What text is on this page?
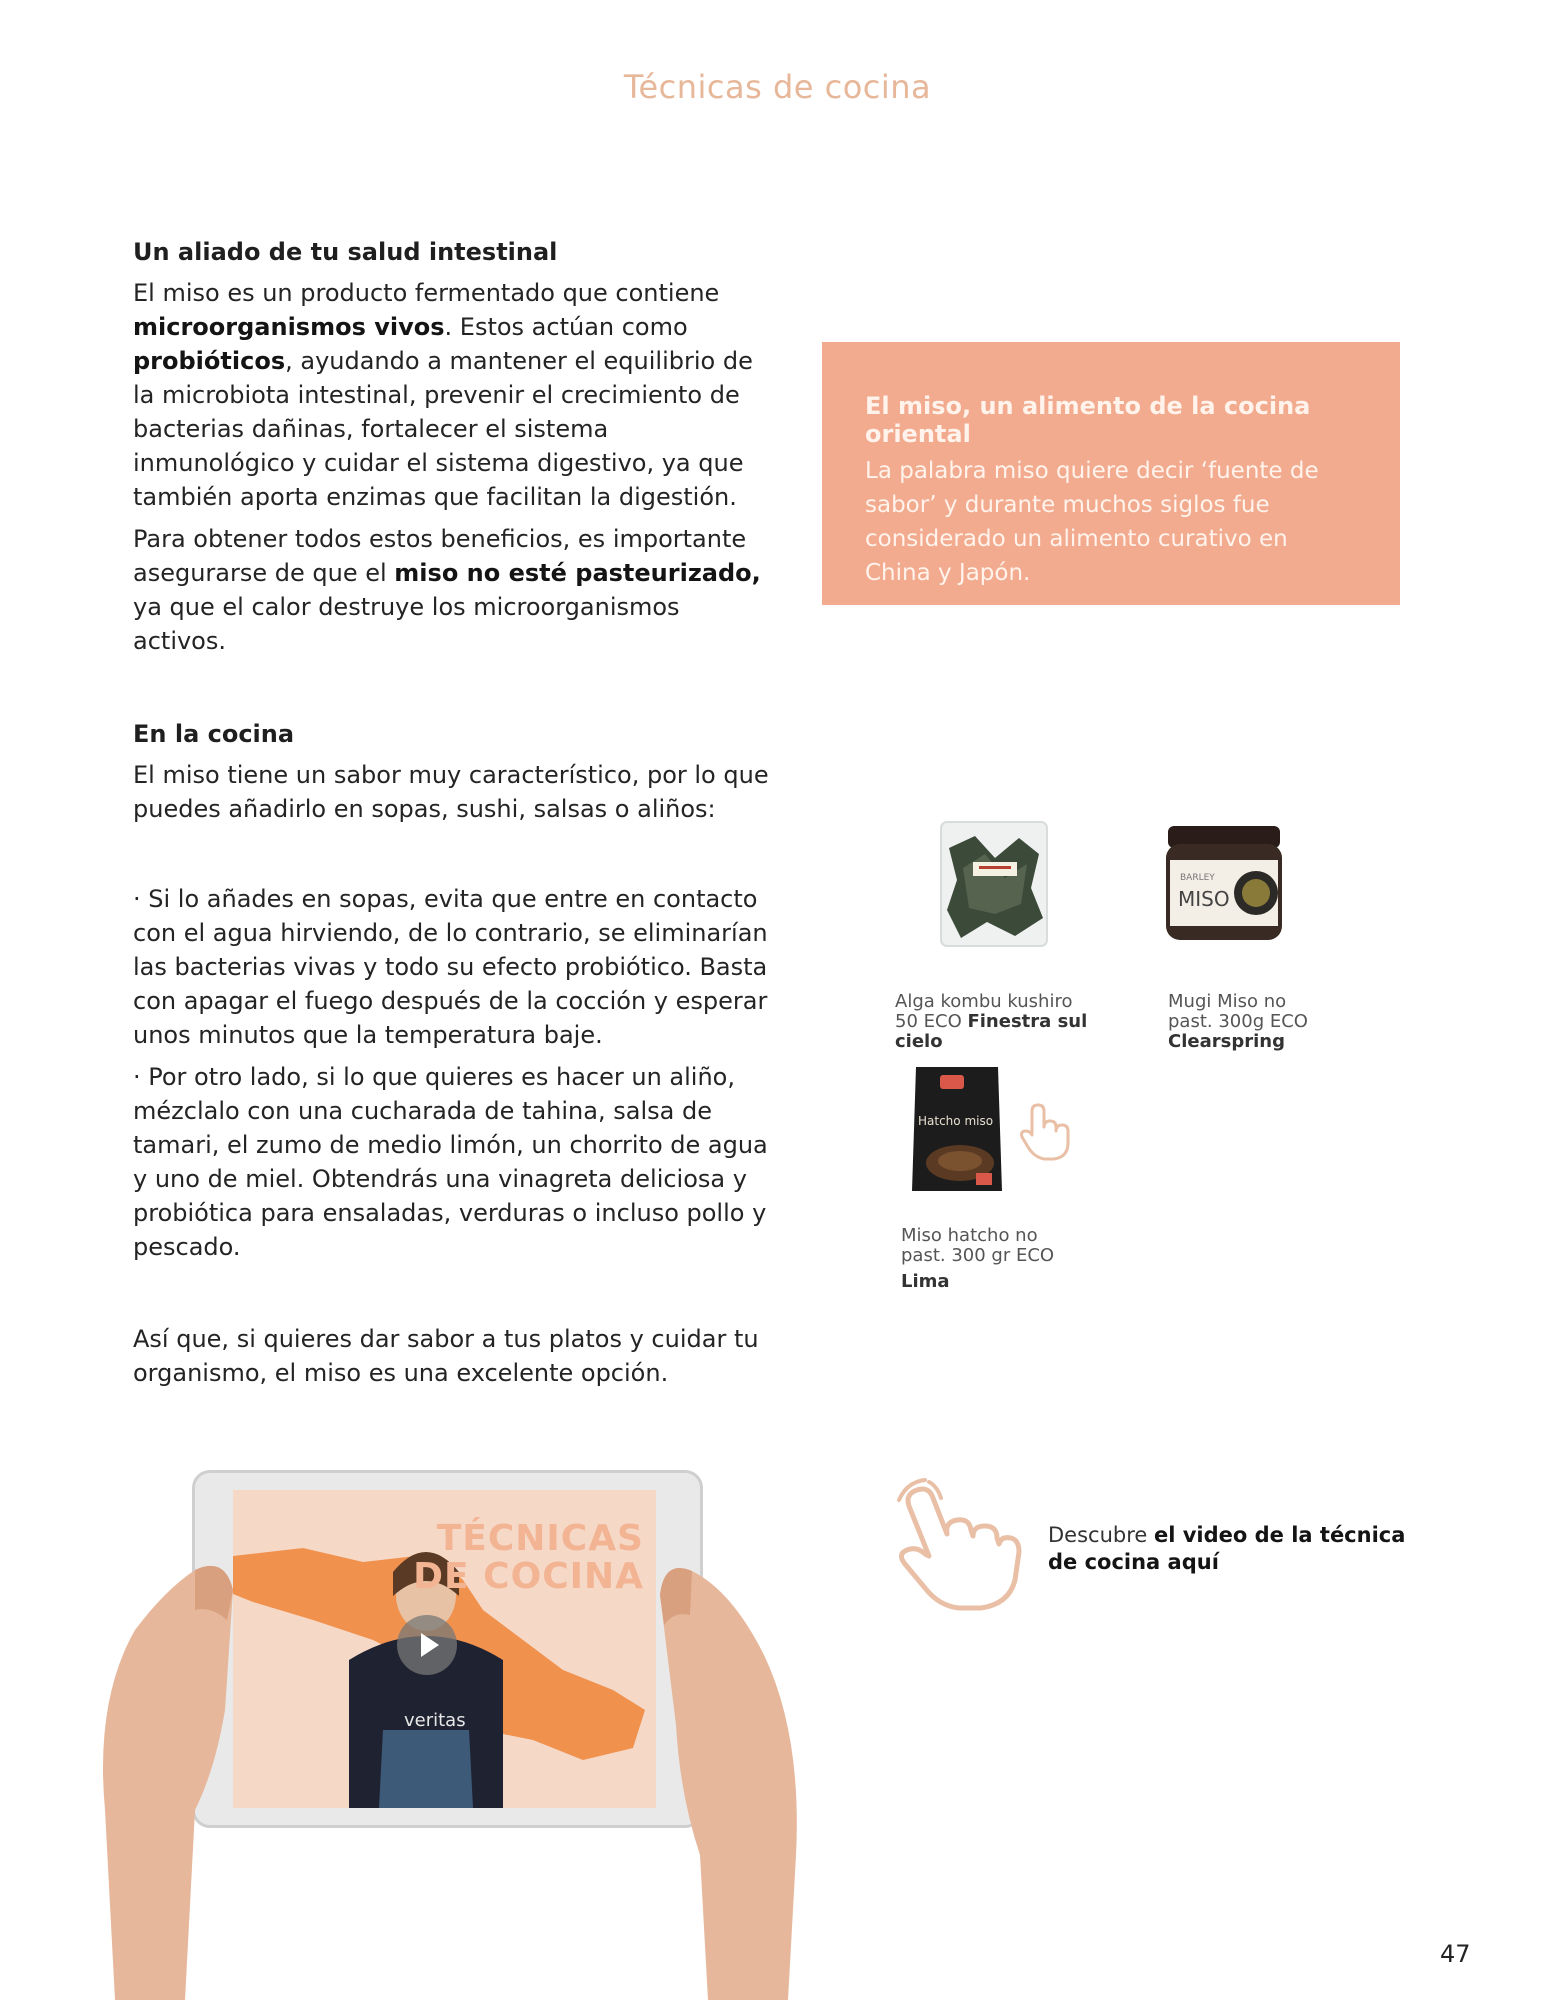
Técnicas de cocina
Un aliado de tu salud intestinal

El miso es un producto fermentado que contiene microorganismos vivos. Estos actúan como probióticos, ayudando a mantener el equilibrio de la microbiota intestinal, prevenir el crecimiento de bacterias dañinas, fortalecer el sistema inmunológico y cuidar el sistema digestivo, ya que también aporta enzimas que facilitan la digestión.

Para obtener todos estos beneficios, es importante asegurarse de que el miso no esté pasteurizado, ya que el calor destruye los microorganismos activos.

En la cocina

El miso tiene un sabor muy característico, por lo que puedes añadirlo en sopas, sushi, salsas o aliños:

· Si lo añades en sopas, evita que entre en contacto con el agua hirviendo, de lo contrario, se eliminarían las bacterias vivas y todo su efecto probiótico. Basta con apagar el fuego después de la cocción y esperar unos minutos que la temperatura baje.

· Por otro lado, si lo que quieres es hacer un aliño, mézclalo con una cucharada de tahina, salsa de tamari, el zumo de medio limón, un chorrito de agua y uno de miel. Obtendrás una vinagreta deliciosa y probiótica para ensaladas, verduras o incluso pollo y pescado.

Así que, si quieres dar sabor a tus platos y cuidar tu organismo, el miso es una excelente opción.

El miso, un alimento de la cocina oriental
La palabra miso quiere decir ‘fuente de sabor’ y durante muchos siglos fue considerado un alimento curativo en China y Japón.
Alga kombu kushiro
50 ECO Finestra sul
cielo
BARLEY
MISO
Mugi Miso no
past. 300g ECO
Clearspring
Hatcho miso
Miso hatcho no
past. 300 gr ECO
Lima
veritas
TÉCNICAS
DE COCINA
Descubre el video de la técnica de cocina aquí
47
